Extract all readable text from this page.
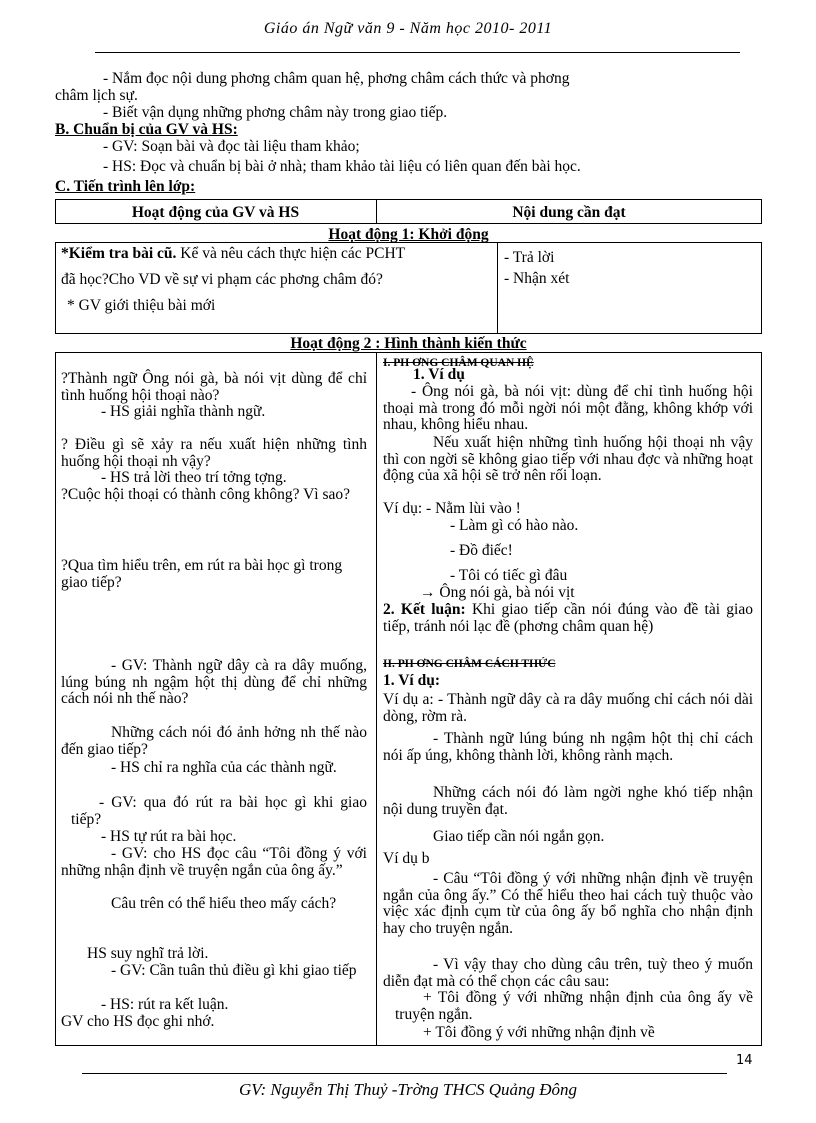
Giáo án Ngữ văn 9 - Năm học 2010- 2011
- Nắm đọc nội dung phơng châm quan hệ, phơng châm cách thức và phơng
châm lịch sự.
- Biết vận dụng những phơng châm này trong giao tiếp.
B. Chuẩn bị của GV và HS:
- GV: Soạn bài và đọc tài liệu tham khảo;
- HS: Đọc và chuẩn bị bài ở nhà; tham khảo tài liệu có liên quan đến bài học.
C. Tiến trình lên lớp:
Hoạt động của GV và HS	Nội dung cần đạt
Hoạt động 1: Khởi động
*Kiểm tra bài cũ. Kể và nêu cách thực hiện các PCHT
đã học?Cho VD về sự vi phạm các phơng châm đó?
* GV giới thiệu bài mới
- Trả lời
- Nhận xét
Hoạt động 2 : Hình thành kiến thức
?Thành ngữ Ông nói gà, bà nói vịt dùng để chỉ tình huống hội thoại nào?
- HS giải nghĩa thành ngữ.
? Điều gì sẽ xảy ra nếu xuất hiện những tình huống hội thoại nh vậy?
- HS trả lời theo trí tởng tợng.
?Cuộc hội thoại có thành công không? Vì sao?
?Qua tìm hiểu trên, em rút ra bài học gì trong giao tiếp?
- GV: Thành ngữ dây cà ra dây muống, lúng búng nh ngậm hột thị dùng để chỉ những cách nói nh thế nào?
Những cách nói đó ảnh hởng nh thế nào đến giao tiếp?
- HS chỉ ra nghĩa của các thành ngữ.
- GV: qua đó rút ra bài học gì khi giao tiếp?
- HS tự rút ra bài học.
- GV: cho HS đọc câu “Tôi đồng ý với những nhận định về truyện ngắn của ông ấy.”
Câu trên có thể hiểu theo mấy cách?
HS suy nghĩ trả lời.
- GV: Cần tuân thủ điều gì khi giao tiếp
- HS: rút ra kết luận.
GV cho HS đọc ghi nhớ.
I. PH ƠNG CHÂM QUAN HỆ
1. Ví dụ
- Ông nói gà, bà nói vịt: dùng để chỉ tình huống hội thoại mà trong đó mỗi ngời nói một đằng, không khớp với nhau, không hiểu nhau.
Nếu xuất hiện những tình huống hội thoại nh vậy thì con ngời sẽ không giao tiếp với nhau đợc và những hoạt động của xã hội sẽ trở nên rối loạn.
Ví dụ: - Nằm lùi vào !
- Làm gì có hào nào.
- Đồ điếc!
- Tôi có tiếc gì đâu
→ Ông nói gà, bà nói vịt
2. Kết luận: Khi giao tiếp cần nói đúng vào đề tài giao tiếp, tránh nói lạc đề (phơng châm quan hệ)
II. PH ƠNG CHÂM CÁCH THỨC
1. Ví dụ:
Ví dụ a: - Thành ngữ dây cà ra dây muống chỉ cách nói dài dòng, rờm rà.
- Thành ngữ lúng búng nh ngậm hột thị chỉ cách nói ấp úng, không thành lời, không rành mạch.
Những cách nói đó làm ngời nghe khó tiếp nhận nội dung truyền đạt.
Giao tiếp cần nói ngắn gọn.
Ví dụ b
- Câu “Tôi đồng ý với những nhận định về truyện ngắn của ông ấy.” Có thể hiểu theo hai cách tuỳ thuộc vào việc xác định cụm từ của ông ấy bổ nghĩa cho nhận định hay cho truyện ngắn.
- Vì vậy thay cho dùng câu trên, tuỳ theo ý muốn diễn đạt mà có thể chọn các câu sau:
+ Tôi đồng ý với những nhận định của ông ấy về truyện ngắn.
+ Tôi đồng ý với những nhận định về
14
GV: Nguyễn Thị Thuỷ -Trờng THCS Quảng Đông
